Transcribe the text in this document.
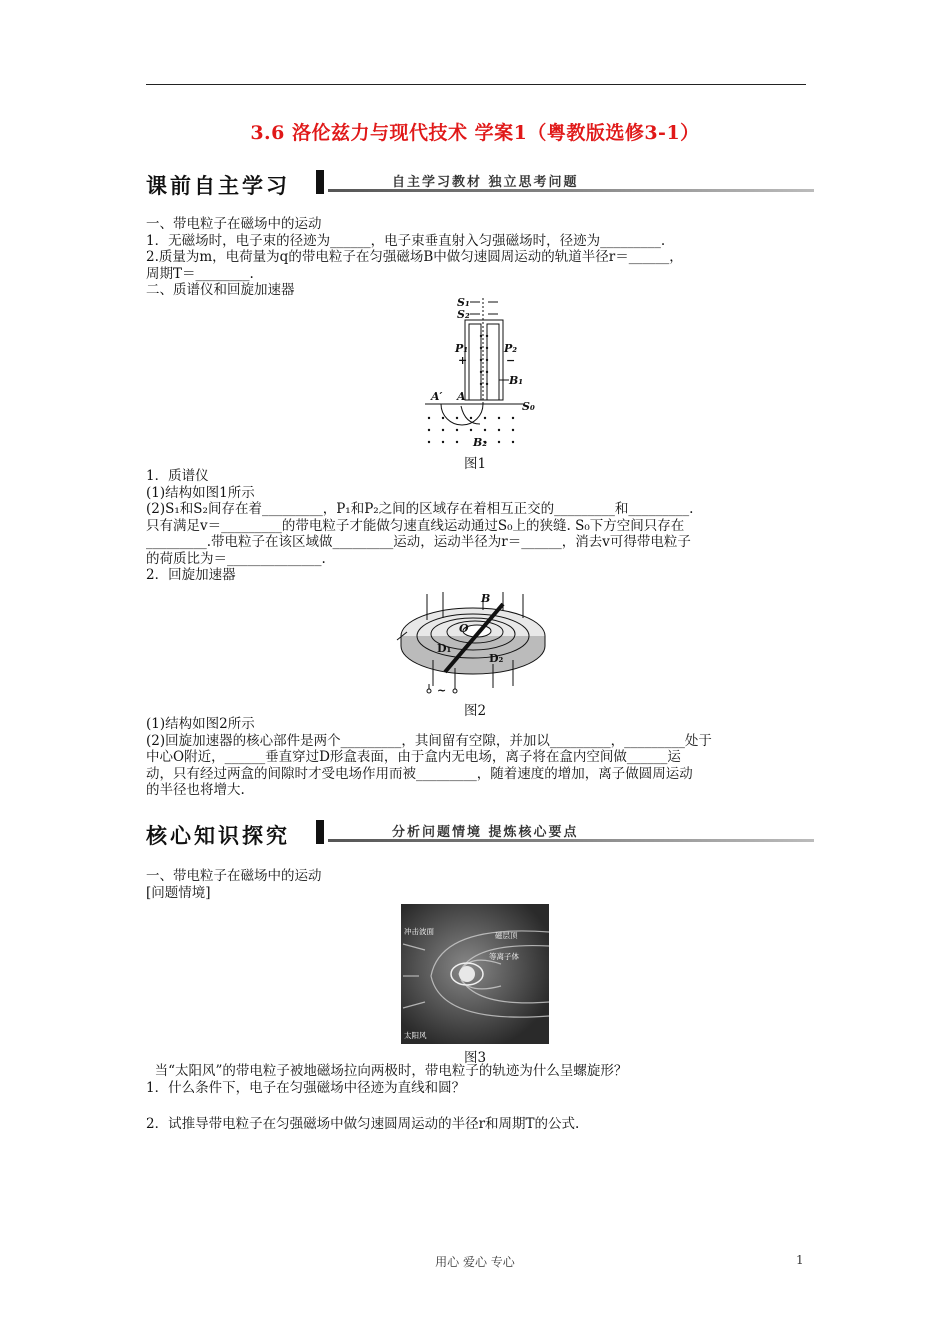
3.6 洛伦兹力与现代技术 学案1（粤教版选修3-1）
课前自主学习	自主学习教材 独立思考问题

一、带电粒子在磁场中的运动

1．无磁场时，电子束的径迹为______，电子束垂直射入匀强磁场时，径迹为_________.

2.质量为m，电荷量为q的带电粒子在匀强磁场B中做匀速圆周运动的轨道半径r＝______，

周期T＝________.

二、质谱仪和回旋加速器

S₁
S₂
P₁	P₂
+	−
B₁
A′ A
S₀
B₂
图1

1．质谱仪

(1)结构如图1所示

(2)S₁和S₂间存在着_________，P₁和P₂之间的区域存在着相互正交的_________和_________.

只有满足v＝_________的带电粒子才能做匀速直线运动通过S₀上的狭缝. S₀下方空间只存在

_________.带电粒子在该区域做_________运动，运动半径为r＝______，消去v可得带电粒子

的荷质比为＝______________.

2．回旋加速器

B
O
D₁
D₂
~
图2

(1)结构如图2所示

(2)回旋加速器的核心部件是两个_________，其间留有空隙，并加以_________，_________处于

中心O附近，______垂直穿过D形盒表面，由于盒内无电场，离子将在盒内空间做______运

动，只有经过两盒的间隙时才受电场作用而被_________，随着速度的增加，离子做圆周运动

的半径也将增大.

核心知识探究	分析问题情境 提炼核心要点

一、带电粒子在磁场中的运动

[问题情境]

冲击波面	磁层顶
等离子体
太阳风
图3

当“太阳风”的带电粒子被地磁场拉向两极时，带电粒子的轨迹为什么呈螺旋形？

1．什么条件下，电子在匀强磁场中径迹为直线和圆？

2．试推导带电粒子在匀强磁场中做匀速圆周运动的半径r和周期T的公式.

用心 爱心 专心	1
